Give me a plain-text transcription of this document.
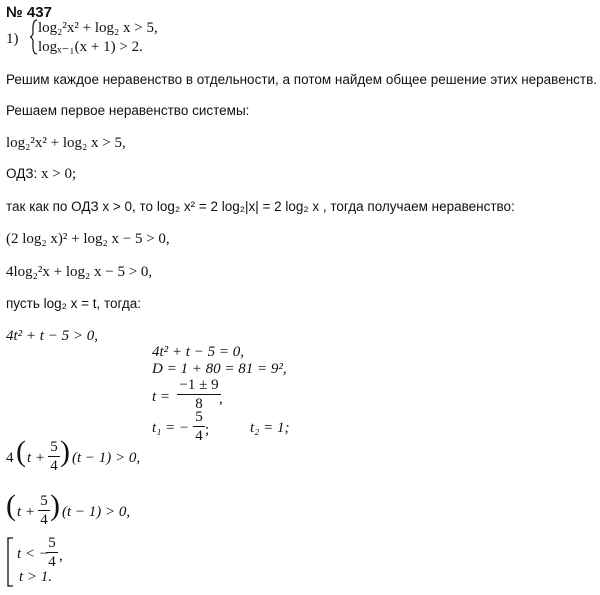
№ 437
1)
log₂²x² + log₂ x > 5,
logₓ₋₁(x + 1) > 2.
Решим каждое неравенство в отдельности, а потом найдем общее решение этих неравенств.
Решаем первое неравенство системы:
log₂²x² + log₂ x > 5,
ОДЗ: x > 0;
так как по ОДЗ x > 0, то log₂ x² = 2 log₂|x| = 2 log₂ x , тогда получаем неравенство:
(2 log₂ x)² + log₂ x − 5 > 0,
4log₂²x + log₂ x − 5 > 0,
пусть log₂ x = t, тогда:
4t² + t − 5 > 0,
4t² + t − 5 = 0,
D = 1 + 80 = 81 = 9²,
$t = \frac{-1 \pm 9}{8}$
,
t₁ = − $\frac{5}{4}$ ;	t₂ = 1;
4 ( $t + \frac{5}{4}$ ) (t − 1) > 0,
( $t + \frac{5}{4}$ ) (t − 1) > 0,
t < −
$\frac{5}{4}$ ,
t > 1.
